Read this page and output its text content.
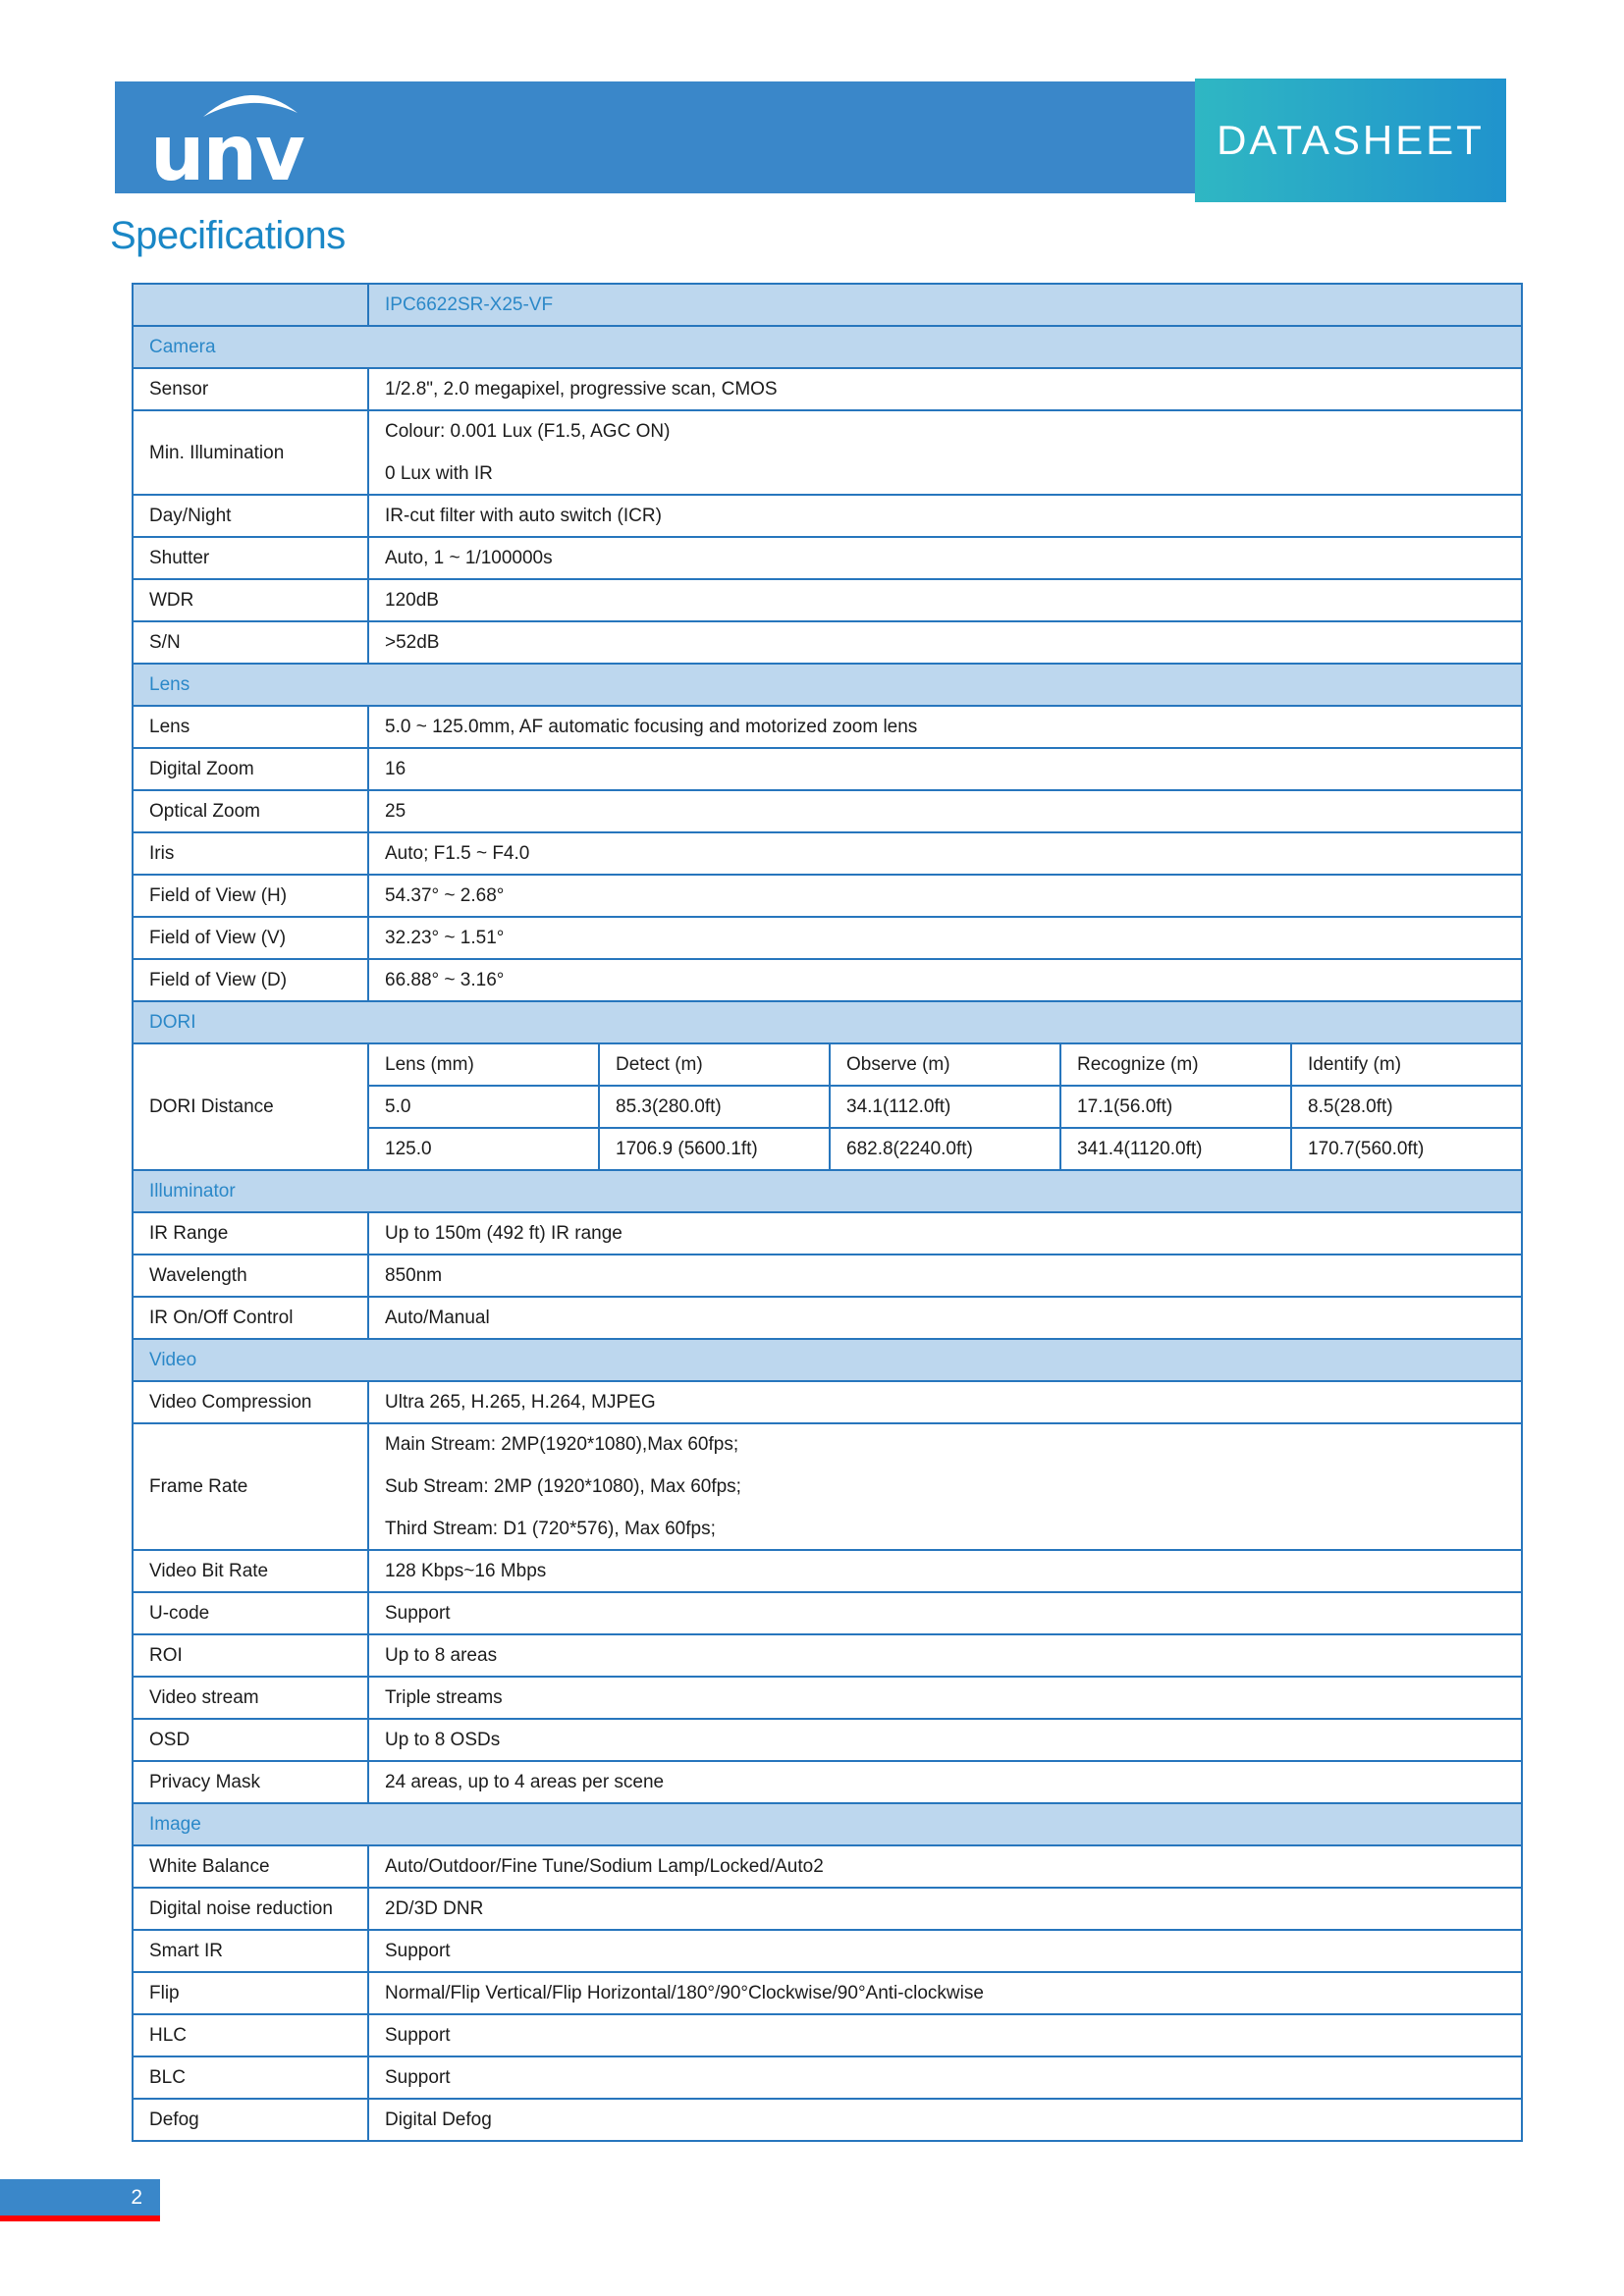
unv	DATASHEET
Specifications
	IPC6622SR-X25-VF				
Camera					
Sensor	1/2.8", 2.0 megapixel, progressive scan, CMOS				
Min. Illumination	Colour: 0.001 Lux (F1.5, AGC ON)
0 Lux with IR				

Day/Night	IR-cut filter with auto switch (ICR)				
Shutter	Auto, 1 ~ 1/100000s				
WDR	120dB				
S/N	>52dB				
Lens					
Lens	5.0 ~ 125.0mm, AF automatic focusing and motorized zoom lens				
Digital Zoom	16				
Optical Zoom	25				
Iris	Auto; F1.5 ~ F4.0				
Field of View (H)	54.37° ~ 2.68°				
Field of View (V)	32.23° ~ 1.51°				
Field of View (D)	66.88° ~ 3.16°				
DORI					
DORI Distance	Lens (mm)	Detect (m)	Observe (m)	Recognize (m)	Identify (m)
	5.0	85.3(280.0ft)	34.1(112.0ft)	17.1(56.0ft)	8.5(28.0ft)
	125.0	1706.9 (5600.1ft)	682.8(2240.0ft)	341.4(1120.0ft)	170.7(560.0ft)
Illuminator					
IR Range	Up to 150m (492 ft) IR range				
Wavelength	850nm				
IR On/Off Control	Auto/Manual				
Video					
Video Compression	Ultra 265, H.265, H.264, MJPEG				
Frame Rate	Main Stream: 2MP(1920*1080),Max 60fps;
Sub Stream: 2MP (1920*1080), Max 60fps;
Third Stream: D1 (720*576), Max 60fps;				

Video Bit Rate	128 Kbps~16 Mbps				
U-code	Support				
ROI	Up to 8 areas				
Video stream	Triple streams				
OSD	Up to 8 OSDs				
Privacy Mask	24 areas, up to 4 areas per scene				
Image					
White Balance	Auto/Outdoor/Fine Tune/Sodium Lamp/Locked/Auto2				
Digital noise reduction	2D/3D DNR				
Smart IR	Support				
Flip	Normal/Flip Vertical/Flip Horizontal/180°/90°Clockwise/90°Anti-clockwise				
HLC	Support				
BLC	Support				
Defog	Digital Defog				
2
